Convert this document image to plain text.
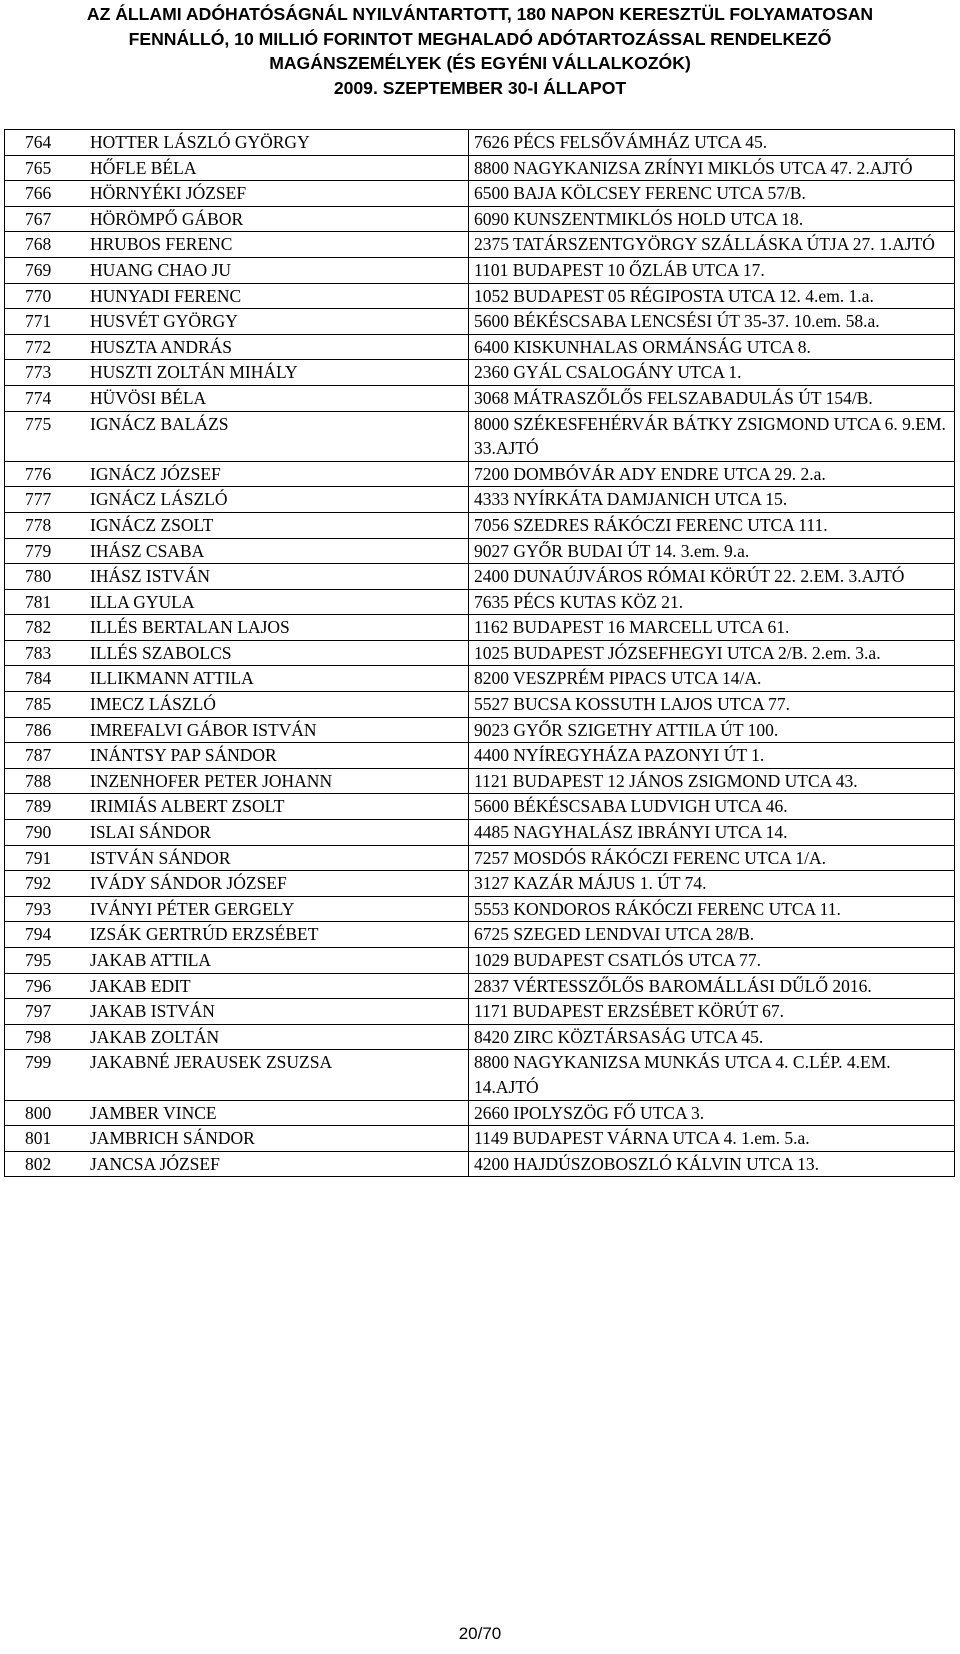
AZ ÁLLAMI ADÓHATÓSÁGNÁL NYILVÁNTARTOTT, 180 NAPON KERESZTÜL FOLYAMATOSAN
FENNÁLLÓ, 10 MILLIÓ FORINTOT MEGHALADÓ ADÓTARTOZÁSSAL RENDELKEZŐ
MAGÁNSZEMÉLYEK (ÉS EGYÉNI VÁLLALKOZÓK)
2009. SZEPTEMBER 30-I ÁLLAPOT
764	HOTTER LÁSZLÓ GYÖRGY	7626 PÉCS FELSŐVÁMHÁZ UTCA 45.
765	HŐFLE BÉLA	8800 NAGYKANIZSA ZRÍNYI MIKLÓS UTCA 47. 2.AJTÓ
766	HÖRNYÉKI JÓZSEF	6500 BAJA KÖLCSEY FERENC UTCA 57/B.
767	HÖRÖMPŐ GÁBOR	6090 KUNSZENTMIKLÓS HOLD UTCA 18.
768	HRUBOS FERENC	2375 TATÁRSZENTGYÖRGY SZÁLLÁSKA ÚTJA 27. 1.AJTÓ
769	HUANG CHAO JU	1101 BUDAPEST 10 ŐZLÁB UTCA 17.
770	HUNYADI FERENC	1052 BUDAPEST 05 RÉGIPOSTA UTCA 12. 4.em. 1.a.
771	HUSVÉT GYÖRGY	5600 BÉKÉSCSABA LENCSÉSI ÚT 35-37. 10.em. 58.a.
772	HUSZTA ANDRÁS	6400 KISKUNHALAS ORMÁNSÁG UTCA 8.
773	HUSZTI ZOLTÁN MIHÁLY	2360 GYÁL CSALOGÁNY UTCA 1.
774	HÜVÖSI BÉLA	3068 MÁTRASZŐLŐS FELSZABADULÁS ÚT 154/B.
775	IGNÁCZ BALÁZS	8000 SZÉKESFEHÉRVÁR BÁTKY ZSIGMOND UTCA 6. 9.EM. 33.AJTÓ
776	IGNÁCZ JÓZSEF	7200 DOMBÓVÁR ADY ENDRE UTCA 29. 2.a.
777	IGNÁCZ LÁSZLÓ	4333 NYÍRKÁTA DAMJANICH UTCA 15.
778	IGNÁCZ ZSOLT	7056 SZEDRES RÁKÓCZI FERENC UTCA 111.
779	IHÁSZ CSABA	9027 GYŐR BUDAI ÚT 14. 3.em. 9.a.
780	IHÁSZ ISTVÁN	2400 DUNAÚJVÁROS RÓMAI KÖRÚT 22. 2.EM. 3.AJTÓ
781	ILLA GYULA	7635 PÉCS KUTAS KÖZ 21.
782	ILLÉS BERTALAN LAJOS	1162 BUDAPEST 16 MARCELL UTCA 61.
783	ILLÉS SZABOLCS	1025 BUDAPEST JÓZSEFHEGYI UTCA 2/B. 2.em. 3.a.
784	ILLIKMANN ATTILA	8200 VESZPRÉM PIPACS UTCA 14/A.
785	IMECZ LÁSZLÓ	5527 BUCSA KOSSUTH LAJOS UTCA 77.
786	IMREFALVI GÁBOR ISTVÁN	9023 GYŐR SZIGETHY ATTILA ÚT 100.
787	INÁNTSY PAP SÁNDOR	4400 NYÍREGYHÁZA PAZONYI ÚT 1.
788	INZENHOFER PETER JOHANN	1121 BUDAPEST 12 JÁNOS ZSIGMOND UTCA 43.
789	IRIMIÁS ALBERT ZSOLT	5600 BÉKÉSCSABA LUDVIGH UTCA 46.
790	ISLAI SÁNDOR	4485 NAGYHALÁSZ IBRÁNYI UTCA 14.
791	ISTVÁN SÁNDOR	7257 MOSDÓS RÁKÓCZI FERENC UTCA 1/A.
792	IVÁDY SÁNDOR JÓZSEF	3127 KAZÁR MÁJUS 1. ÚT 74.
793	IVÁNYI PÉTER GERGELY	5553 KONDOROS RÁKÓCZI FERENC UTCA 11.
794	IZSÁK GERTRÚD ERZSÉBET	6725 SZEGED LENDVAI UTCA 28/B.
795	JAKAB ATTILA	1029 BUDAPEST CSATLÓS UTCA 77.
796	JAKAB EDIT	2837 VÉRTESSZŐLŐS BAROMÁLLÁSI DŰLŐ 2016.
797	JAKAB ISTVÁN	1171 BUDAPEST ERZSÉBET KÖRÚT 67.
798	JAKAB ZOLTÁN	8420 ZIRC KÖZTÁRSASÁG UTCA 45.
799	JAKABNÉ JERAUSEK ZSUZSA	8800 NAGYKANIZSA MUNKÁS UTCA 4. C.LÉP. 4.EM. 14.AJTÓ
800	JAMBER VINCE	2660 IPOLYSZÖG FŐ UTCA 3.
801	JAMBRICH SÁNDOR	1149 BUDAPEST VÁRNA UTCA 4. 1.em. 5.a.
802	JANCSA JÓZSEF	4200 HAJDÚSZOBOSZLÓ KÁLVIN UTCA 13.
20/70
